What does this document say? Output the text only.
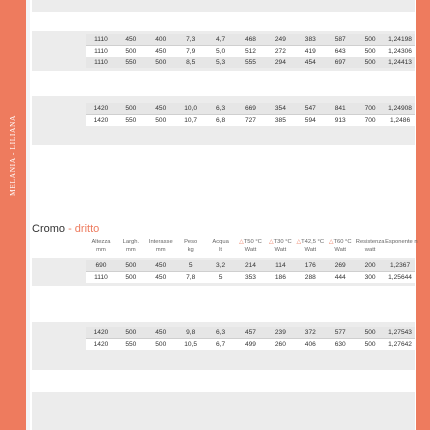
MELANIA - LILIANA
1110	450	400	7,3	4,7	468	249	383	587	500	1,24198
1110	500	450	7,9	5,0	512	272	419	643	500	1,24306
1110	550	500	8,5	5,3	555	294	454	697	500	1,24413
1420	500	450	10,0	6,3	669	354	547	841	700	1,24908
1420	550	500	10,7	6,8	727	385	594	913	700	1,2486
Cromo - dritto
Altezza	Largh.	Interasse	Peso	Acqua	△T50 °C	△T30 °C	△T42,5 °C	△T60 °C	Resistenza	Esponente n
mm	mm	mm	kg	lt	Watt	Watt	Watt	Watt	watt	
690	500	450	5	3,2	214	114	176	269	200	1,2367
1110	500	450	7,8	5	353	186	288	444	300	1,25644
1420	500	450	9,8	6,3	457	239	372	577	500	1,27543
1420	550	500	10,5	6,7	499	260	406	630	500	1,27642
